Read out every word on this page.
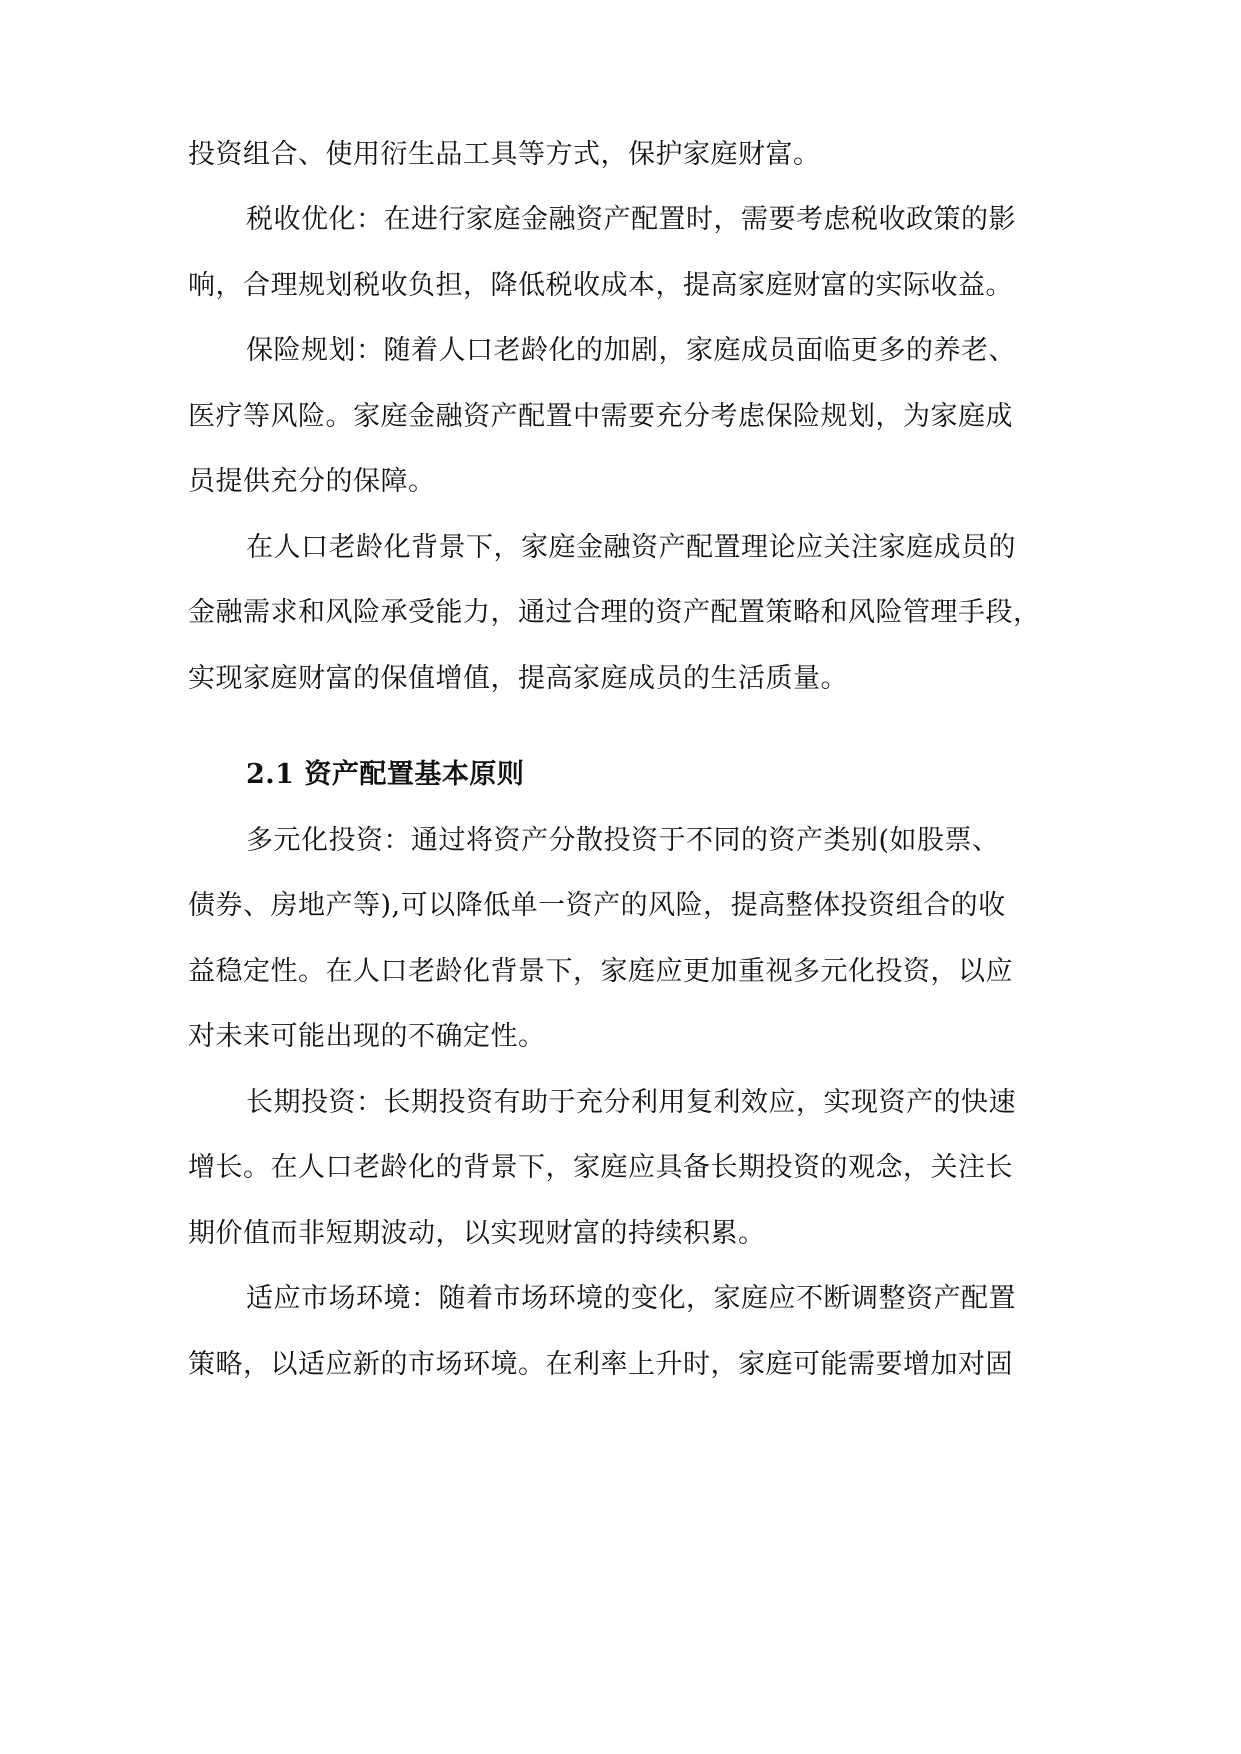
投资组合、使用衍生品工具等方式，保护家庭财富。
税收优化：在进行家庭金融资产配置时，需要考虑税收政策的影
响，合理规划税收负担，降低税收成本，提高家庭财富的实际收益。
保险规划：随着人口老龄化的加剧，家庭成员面临更多的养老、
医疗等风险。家庭金融资产配置中需要充分考虑保险规划，为家庭成
员提供充分的保障。
在人口老龄化背景下，家庭金融资产配置理论应关注家庭成员的
金融需求和风险承受能力，通过合理的资产配置策略和风险管理手段，
实现家庭财富的保值增值，提高家庭成员的生活质量。
2.1 资产配置基本原则
多元化投资：通过将资产分散投资于不同的资产类别(如股票、
债券、房地产等),可以降低单一资产的风险，提高整体投资组合的收
益稳定性。在人口老龄化背景下，家庭应更加重视多元化投资，以应
对未来可能出现的不确定性。
长期投资：长期投资有助于充分利用复利效应，实现资产的快速
增长。在人口老龄化的背景下，家庭应具备长期投资的观念，关注长
期价值而非短期波动，以实现财富的持续积累。
适应市场环境：随着市场环境的变化，家庭应不断调整资产配置
策略，以适应新的市场环境。在利率上升时，家庭可能需要增加对固
